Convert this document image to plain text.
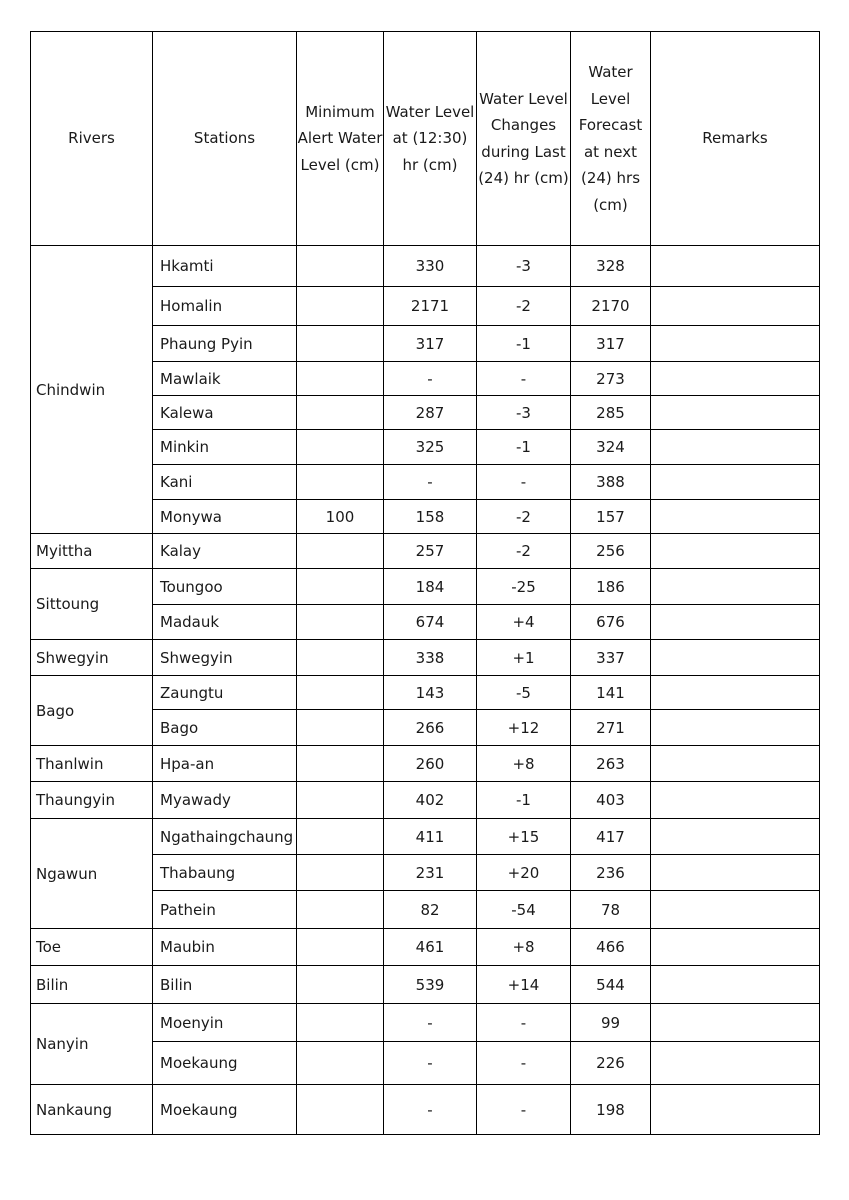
Rivers	Stations	Minimum Alert Water Level (cm)	Water Level at (12:30) hr (cm)	Water Level Changes during Last (24) hr (cm)	Water Level Forecast at next (24) hrs (cm)	Remarks
Chindwin	Hkamti		330	-3	328	
	Homalin		2171	-2	2170	
	Phaung Pyin		317	-1	317	
	Mawlaik		-	-	273	
	Kalewa		287	-3	285	
	Minkin		325	-1	324	
	Kani		-	-	388	
	Monywa	100	158	-2	157	
Myittha	Kalay		257	-2	256	
Sittoung	Toungoo		184	-25	186	
	Madauk		674	+4	676	
Shwegyin	Shwegyin		338	+1	337	
Bago	Zaungtu		143	-5	141	
	Bago		266	+12	271	
Thanlwin	Hpa-an		260	+8	263	
Thaungyin	Myawady		402	-1	403	
Ngawun	Ngathaingchaung		411	+15	417	
	Thabaung		231	+20	236	
	Pathein		82	-54	78	
Toe	Maubin		461	+8	466	
Bilin	Bilin		539	+14	544	
Nanyin	Moenyin		-	-	99	
	Moekaung		-	-	226	
Nankaung	Moekaung		-	-	198	
